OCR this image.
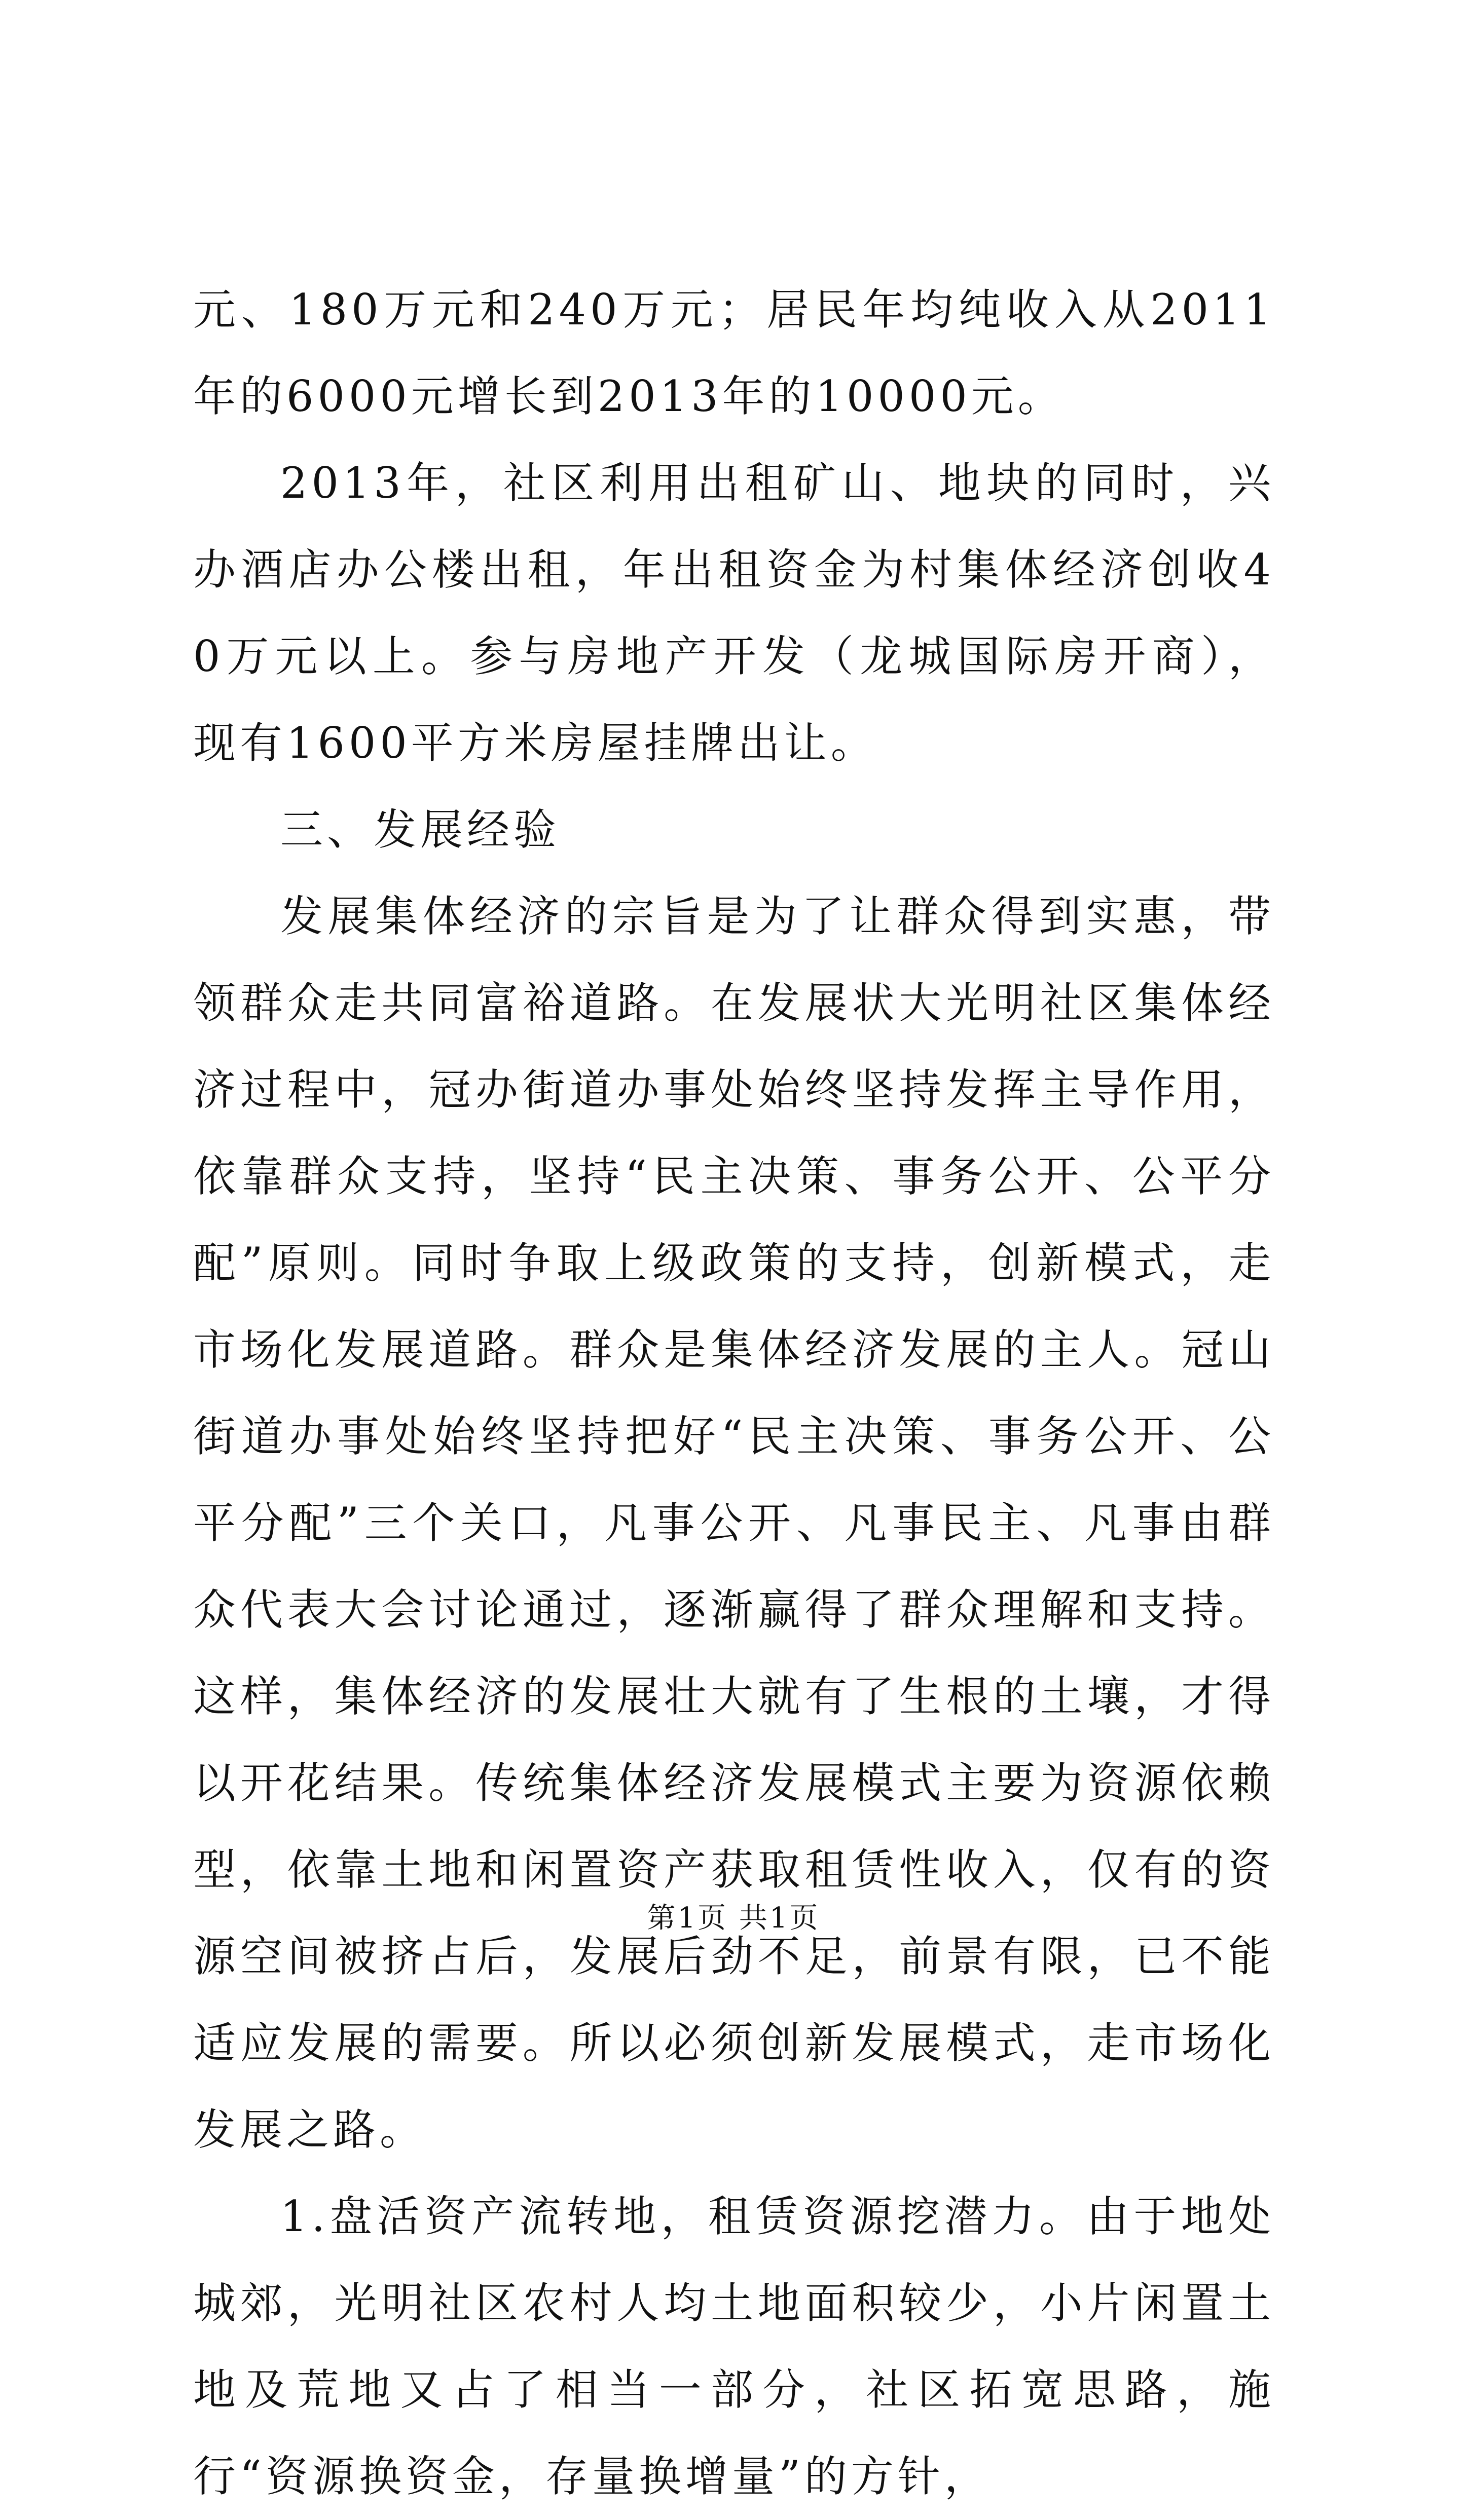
元、180万元和240万元；居民年均纯收入从2011年的6000元增长到2013年的10000元。

2013年，社区利用出租矿山、地块的同时，兴办酒店办公楼出租，年出租资金为村集体经济创收40万元以上。参与房地产开发（龙城国际房开商），现有1600平方米房屋挂牌出让。

三、发展经验

发展集体经济的宗旨是为了让群众得到实惠，带领群众走共同富裕道路。在发展状大光明社区集体经济过程中，冠办街道办事处始终坚持发挥主导作用，依靠群众支持，坚持“民主决策、事务公开、公平分配”原则。同时争取上级政策的支持，创新模式，走市场化发展道路。群众是集体经济发展的主人。冠山街道办事处始终坚持把好“民主决策、事务公开、公平分配”三个关口，凡事公开、凡事民主、凡事由群众代表大会讨论通过，逐渐赢得了群众理解和支持。这样，集体经济的发展壮大就有了生根的土壤，才得以开花结果。传统集体经济发展模式主要为资源依赖型，依靠土地和闲置资产获取租赁性收入，仅有的资源空间被挤占后，发展后劲不足，前景有限，已不能适应发展的需要。所以必须创新发展模式，走市场化发展之路。

1.盘活资产流转地，租赁资源挖潜力。由于地处城郊，光明社区农村人均土地面积较少，小片闲置土地及荒地又占了相当一部分，社区拓宽思路，施行“资源换资金，存量换增量”的方针，

第1页 共1页
